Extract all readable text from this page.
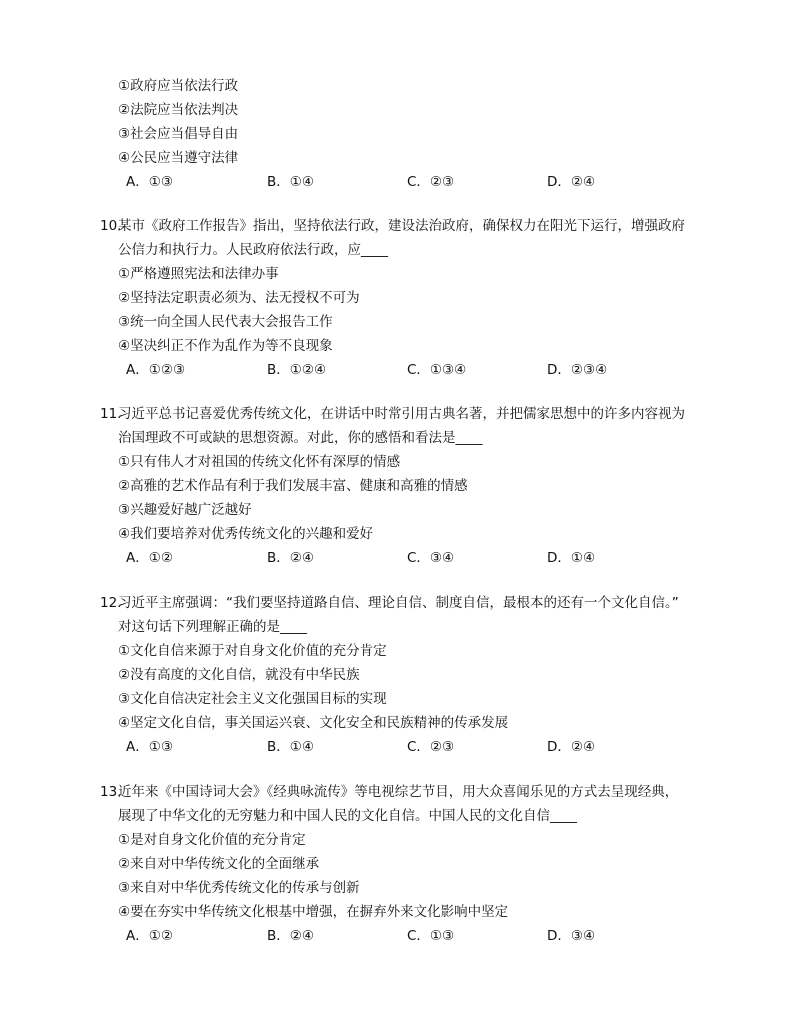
①政府应当依法行政
②法院应当依法判决
③社会应当倡导自由
④公民应当遵守法律
A．①③	B．①④	C．②③	D．②④
10.某市《政府工作报告》指出，坚持依法行政，建设法治政府，确保权力在阳光下运行，增强政府
公信力和执行力。人民政府依法行政，应____
①严格遵照宪法和法律办事
②坚持法定职责必须为、法无授权不可为
③统一向全国人民代表大会报告工作
④坚决纠正不作为乱作为等不良现象
A．①②③	B．①②④	C．①③④	D．②③④
11.习近平总书记喜爱优秀传统文化，在讲话中时常引用古典名著，并把儒家思想中的许多内容视为
治国理政不可或缺的思想资源。对此，你的感悟和看法是____
①只有伟人才对祖国的传统文化怀有深厚的情感
②高雅的艺术作品有利于我们发展丰富、健康和高雅的情感
③兴趣爱好越广泛越好
④我们要培养对优秀传统文化的兴趣和爱好
A．①②	B．②④	C．③④	D．①④
12.习近平主席强调：“我们要坚持道路自信、理论自信、制度自信，最根本的还有一个文化自信。”
对这句话下列理解正确的是____
①文化自信来源于对自身文化价值的充分肯定
②没有高度的文化自信，就没有中华民族
③文化自信决定社会主义文化强国目标的实现
④坚定文化自信，事关国运兴衰、文化安全和民族精神的传承发展
A．①③	B．①④	C．②③	D．②④
13.近年来《中国诗词大会》《经典咏流传》等电视综艺节目，用大众喜闻乐见的方式去呈现经典，
展现了中华文化的无穷魅力和中国人民的文化自信。中国人民的文化自信____
①是对自身文化价值的充分肯定
②来自对中华传统文化的全面继承
③来自对中华优秀传统文化的传承与创新
④要在夯实中华传统文化根基中增强，在摒弃外来文化影响中坚定
A．①②	B．②④	C．①③	D．③④
